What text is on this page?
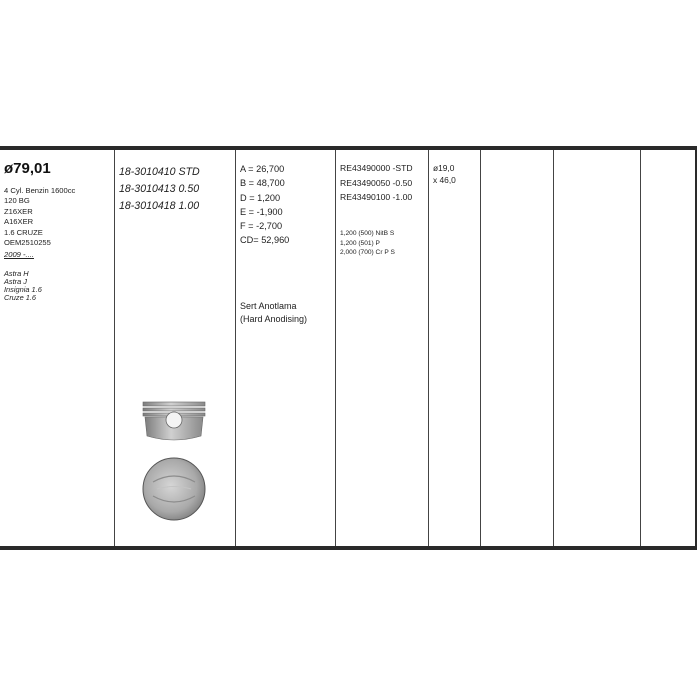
ø79,01
4 Cyl. Benzin 1600cc
120 BG
Z16XER
A16XER
1.6 CRUZE
OEM2510255
2009 -....
Astra H
Astra J
Insignia 1.6
Cruze 1.6
18-3010410 STD
18-3010413 0.50
18-3010418 1.00
A = 26,700
B = 48,700
D = 1,200
E = -1,900
F = -2,700
CD= 52,960
Sert Anotlama
(Hard Anodising)
RE43490000 -STD
RE43490050 -0.50
RE43490100 -1.00
1,200 (500) NitB S
1,200 (501) P
2,000 (700) Cr P S
ø19,0
x 46,0
